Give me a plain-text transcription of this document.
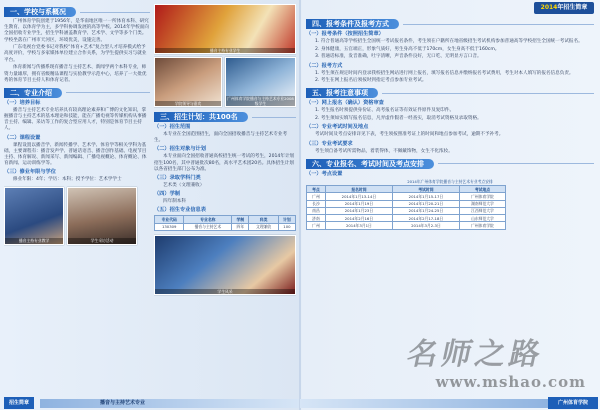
2014年招生简章
一、学校与系概况

广州体育学院创建于1956年，是华南地区唯一一所体育本科、研究生教育、以体育学为主，多学科协调发展的高等学校。2014年学校面向全国招收专业学生，招生学科涵盖教育学、艺术学、文学等多个门类。学校坐落在广州市天河区，环境优美，设施完善。

广东电视台党委书记对我校“体育+艺术”复合型人才培养模式给予高度评价，学校与多家媒体单位建立合作关系，为学生提供实习与就业平台。

体育新闻与传播系现有播音与主持艺术、新闻学两个本科专业，师资力量雄厚，拥有省级精品课程与实验教学示范中心，培养了一大批优秀的体育节目主持人和体育记者。

二、专业介绍
（一）培养目标

播音与主持艺术专业培养具有较高理论素养和广博的文化知识，掌握播音与主持艺术的基本理论和技能，能在广播电视等传媒机构从事播音主持、编辑、采访等工作的复合型应用人才，特别是体育节目主持人。

（二）课程设置

课程设置以播音学、新闻传播学、艺术学、体育学等相关学科为基础，主要课程有：播音发声学、普通话语音、播音创作基础、电视节目主持、体育解说、新闻采写、新闻编辑、广播电视概论、体育概论、体育新闻、运动训练学等。

（三）修业年限与学位

修业年限：4年；学历：本科；授予学位：艺术学学士

播音主持专业教学	学生采访活动
播音主持专业学生
学院领导与嘉宾
广州体育学院播音与主持艺术专业2008级学生
三、招生计划：共100名
（一）招生范围

本专业在全国范围招生，面向全国招收播音与主持艺术专业考生。

（二）招生对象与计划

本专业面向全国招收普通高校招生统一考试的考生，2014年计划招生100名，其中普通批次80名，高水平艺术团20名。具体招生计划以各省招生部门公布为准。

（三）录取学科门类

艺术类（文理兼收）

（四）学制

四年制本科

（五）招生专业信息表
专业代码	专业名称	学制	科类	计划
130309	播音与主持艺术	四年	文理兼收	100
学生风采
四、报考条件及报考方式
（一）报考条件（按照招生简章）

1. 符合普通高等学校招生全国统一考试报名条件，考生须在户籍所在地省级招生考试机构参加普通高等学校招生全国统一考试报名。

2. 身体健康，五官端正，形象气质好，男生身高不低于170cm，女生身高不低于160cm。

3. 普通话标准，发音准确，吐字清晰，声音条件良好，无口吃、无明显方言口音。

（二）报考方式

1. 考生须在规定时间内登录我校招生网站进行网上报名，填写报名信息并缴纳报名考试费用，考生对本人填写的报名信息负责。

2. 考生在网上报名后须按时到指定考点参加专业考试。

五、报考注意事项
（一）网上报名（确认）资格审查

1. 考生报名时须提供身份证、高考报名证等有效证件原件及复印件。

2. 考生须如实填写报名信息，凡弄虚作假者一经查实，取消考试资格及录取资格。

（二）专业考试时间及地点

考试时间及考点安排详见下表，考生须按照准考证上的时间和地点参加考试，逾期不予补考。

（三）专业考试要求

考生须自备考试所需物品，着装得体，不佩戴饰物，女生不化浓妆。

六、专业报名、考试时间及考点安排
（一）考点设置
2014年广州体育学院播音与主持艺术专业考点安排
考点	报名时间	考试时间	考试地点
广州	2014年1月13-14日	2014年1月15-17日	广州体育学院
长沙	2014年1月19日	2014年1月20-21日	湖南师范大学
南昌	2014年1月23日	2014年1月24-25日	江西师范大学
济南	2014年2月16日	2014年2月17-18日	山东师范大学
广州	2014年3月1日	2014年3月2-3日	广州体育学院
名师之路
www.mshao.com
招生简章	播音与主持艺术专业	广州体育学院
